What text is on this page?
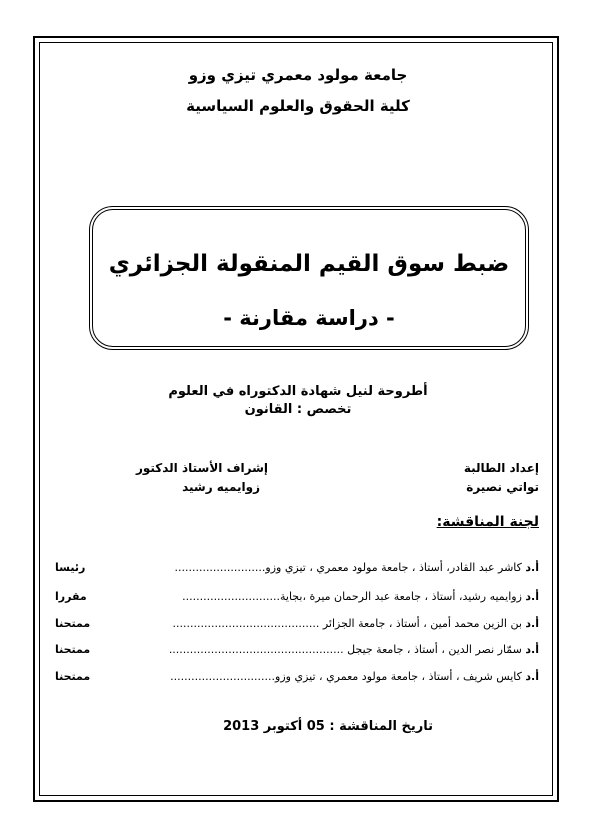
جامعة مولود معمري تيزي وزو
كلية الحقوق والعلوم السياسية
ضبط سوق القيم المنقولة الجزائري
- دراسة مقارنة -
أطروحة لنيل شهادة الدكتوراه في العلوم
تخصص : القانون
إعداد الطالبة
تواتي نصيرة
إشراف الأستاذ الدكتور
زوايميه رشيد
لجنة المناقشة:
أ.د كاشر عبد القادر، أستاذ ، جامعة مولود معمري ، تيزي وزو..........................
رئيسا
أ.د زوايميه رشيد، أستاذ ، جامعة عبد الرحمان ميرة ،بجاية............................
مقررا
أ.د بن الزين محمد أمين ، أستاذ ، جامعة الجزائر ..........................................
ممتحنا
أ.د سمّار نصر الدين ، أستاذ ، جامعة جيجل ..................................................
ممتحنا
أ.د كايس شريف ، أستاذ ، جامعة مولود معمري ، تيزي وزو..............................
ممتحنا
تاريخ المناقشة : 05 أكتوبر 2013
